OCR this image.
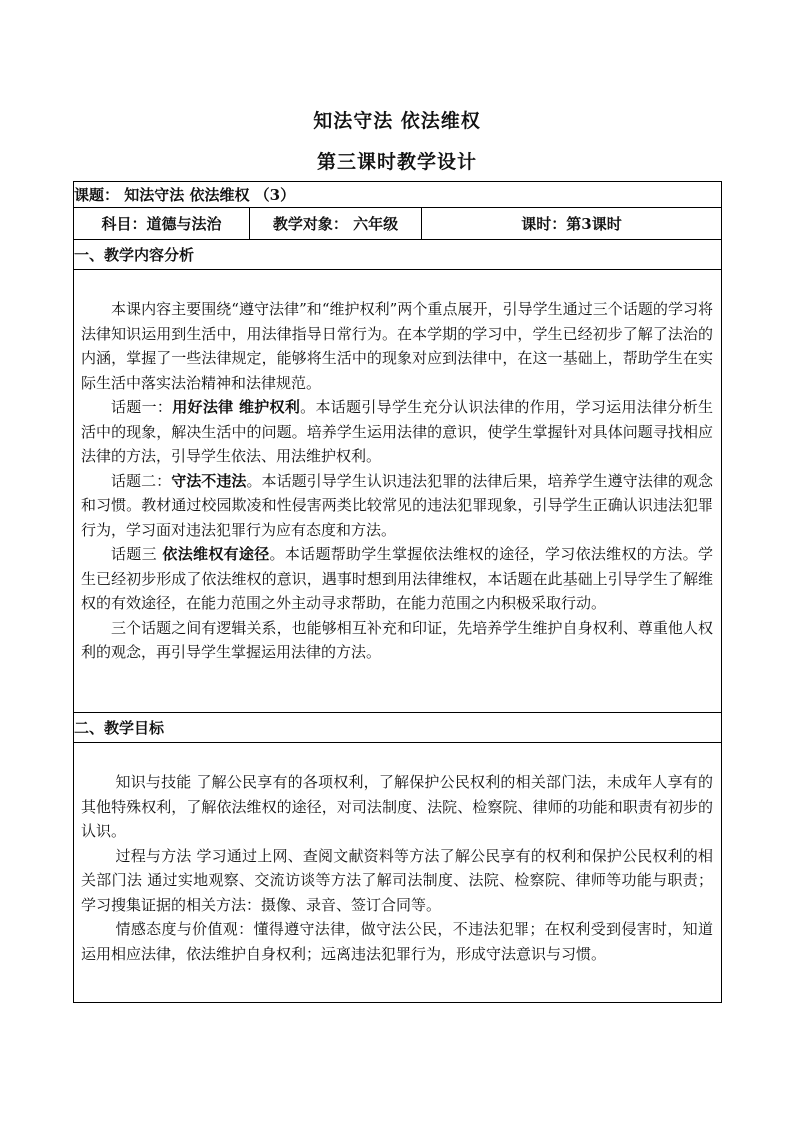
知法守法 依法维权
第三课时教学设计
课题： 知法守法 依法维权 （3）
科目：道德与法治	教学对象： 六年级	课时：第3课时
一、教学内容分析

本课内容主要围绕“遵守法律”和“维护权利”两个重点展开，引导学生通过三个话题的学习将法律知识运用到生活中，用法律指导日常行为。在本学期的学习中，学生已经初步了解了法治的内涵，掌握了一些法律规定，能够将生活中的现象对应到法律中，在这一基础上，帮助学生在实际生活中落实法治精神和法律规范。

话题一：用好法律 维护权利。本话题引导学生充分认识法律的作用，学习运用法律分析生活中的现象，解决生活中的问题。培养学生运用法律的意识，使学生掌握针对具体问题寻找相应法律的方法，引导学生依法、用法维护权利。

话题二：守法不违法。本话题引导学生认识违法犯罪的法律后果，培养学生遵守法律的观念和习惯。教材通过校园欺凌和性侵害两类比较常见的违法犯罪现象，引导学生正确认识违法犯罪行为，学习面对违法犯罪行为应有态度和方法。

话题三 依法维权有途径。本话题帮助学生掌握依法维权的途径，学习依法维权的方法。学生已经初步形成了依法维权的意识，遇事时想到用法律维权，本话题在此基础上引导学生了解维权的有效途径，在能力范围之外主动寻求帮助，在能力范围之内积极采取行动。

三个话题之间有逻辑关系，也能够相互补充和印证，先培养学生维护自身权利、尊重他人权利的观念，再引导学生掌握运用法律的方法。

二、教学目标

知识与技能 了解公民享有的各项权利，了解保护公民权利的相关部门法，未成年人享有的其他特殊权利，了解依法维权的途径，对司法制度、法院、检察院、律师的功能和职责有初步的认识。

过程与方法 学习通过上网、查阅文献资料等方法了解公民享有的权利和保护公民权利的相关部门法 通过实地观察、交流访谈等方法了解司法制度、法院、检察院、律师等功能与职责；学习搜集证据的相关方法：摄像、录音、签订合同等。

情感态度与价值观：懂得遵守法律，做守法公民，不违法犯罪；在权利受到侵害时，知道运用相应法律，依法维护自身权利；远离违法犯罪行为，形成守法意识与习惯。
